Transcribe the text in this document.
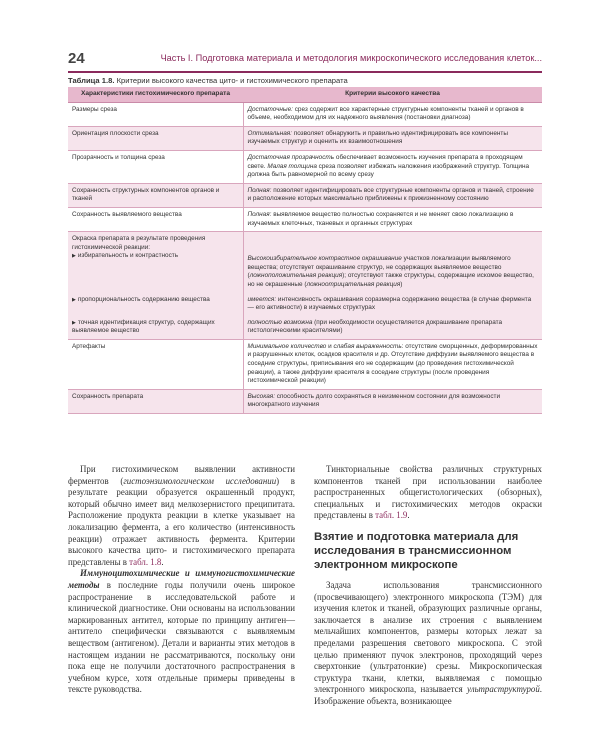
24	Часть I. Подготовка материала и методология микроскопического исследования клеток...
Таблица 1.8. Критерии высокого качества цито- и гистохимического препарата
Характеристики гистохимического препарата	Критерии высокого качества
Размеры среза	Достаточные: срез содержит все характерные структурные компоненты тканей и органов в объеме, необходимом для их надежного выявления (постановки диагноза)
Ориентация плоскости среза	Оптимальная: позволяет обнаружить и правильно идентифицировать все компоненты изучаемых структур и оценить их взаимоотношения
Прозрачность и толщина среза	Достаточная прозрачность обеспечивает возможность изучения препарата в проходящем свете. Малая толщина среза позволяет избежать наложения изображений структур. Толщина должна быть равномерной по всему срезу
Сохранность структурных компонентов органов и тканей	Полная: позволяет идентифицировать все структурные компоненты органов и тканей, строение и расположение которых максимально приближены к прижизненному состоянию
Сохранность выявляемого вещества	Полная: выявляемое вещество полностью сохраняется и не меняет свою локализацию в изучаемых клеточных, тканевых и органных структурах

Окраска препарата в результате проведения гистохимической реакции:
▶ избирательность и контрастность	Высокоизбирательное контрастное окрашивание участков локализации выявляемого вещества; отсутствует окрашивание структур, не содержащих выявляемое вещество (ложноположительная реакция); отсутствуют также структуры, содержащие искомое вещество, но не окрашенные (ложноотрицательная реакция)
▶ пропорциональность содержанию вещества	имеется: интенсивность окрашивания соразмерна содержанию вещества (в случае фермента — его активности) в изучаемых структурах
▶ точная идентификация структур, содержащих выявляемое вещество	полностью возможна (при необходимости осуществляется докрашивание препарата гистологическими красителями)
Артефакты	Минимальное количество и слабая выраженность: отсутствие сморщенных, деформированных и разрушенных клеток, осадков красителя и др. Отсутствие диффузии выявляемого вещества в соседние структуры, приписывания его не содержащим (до проведения гистохимической реакции), а также диффузии красителя в соседние структуры (после проведения гистохимической реакции)
Сохранность препарата	Высокая: способность долго сохраняться в неизменном состоянии для возможности многократного изучения

При гистохимическом выявлении активности ферментов (гистоэнзимологическом исследовании) в результате реакции образуется окрашенный продукт, который обычно имеет вид мелкозернистого преципитата. Расположение продукта реакции в клетке указывает на локализацию фермента, а его количество (интенсивность реакции) отражает активность фермента. Критерии высокого качества цито- и гистохимического препарата представлены в табл. 1.8.

Иммуноцитохимические и иммуногистохимические методы в последние годы получили очень широкое распространение в исследовательской работе и клинической диагностике. Они основаны на использовании маркированных антител, которые по принципу антиген—антитело специфически связываются с выявляемым веществом (антигеном). Детали и варианты этих методов в настоящем издании не рассматриваются, поскольку они пока еще не получили достаточного распространения в учебном курсе, хотя отдельные примеры приведены в тексте руководства.

Тинкториальные свойства различных структурных компонентов тканей при использовании наиболее распространенных общегистологических (обзорных), специальных и гистохимических методов окраски представлены в табл. 1.9.

Взятие и подготовка материала для исследования в трансмиссионном электронном микроскопе

Задача использования трансмиссионного (просвечивающего) электронного микроскопа (ТЭМ) для изучения клеток и тканей, образующих различные органы, заключается в анализе их строения с выявлением мельчайших компонентов, размеры которых лежат за пределами разрешения светового микроскопа. С этой целью применяют пучок электронов, проходящий через сверхтонкие (ультратонкие) срезы. Микроскопическая структура ткани, клетки, выявляемая с помощью электронного микроскопа, называется ультраструктурой. Изображение объекта, возникающее
